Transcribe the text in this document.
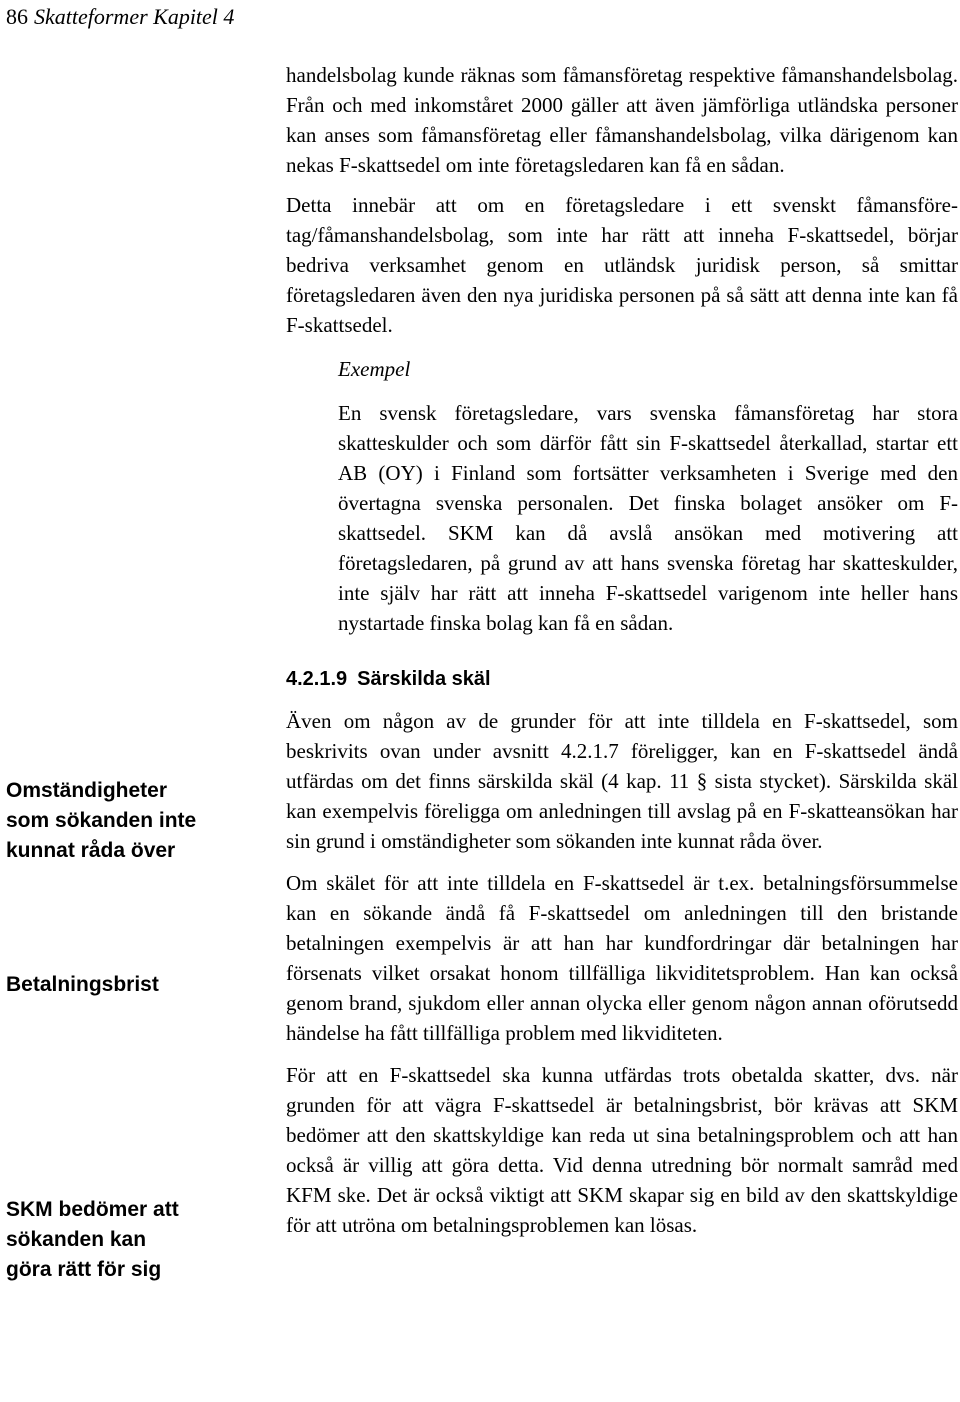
86 Skatteformer Kapitel 4
Omständigheter
som sökanden inte
kunnat råda över
Betalningsbrist
SKM bedömer att
sökanden kan
göra rätt för sig

handelsbolag kunde räknas som fåmansföretag respektive fåmanshandelsbolag. Från och med inkomståret 2000 gäller att även jämförliga utländska personer kan anses som fåmansföretag eller fåmanshandelsbolag, vilka därigenom kan nekas F-skattsedel om inte företagsledaren kan få en sådan.

Detta innebär att om en företagsledare i ett svenskt fåmansföretag/fåmanshandelsbolag, som inte har rätt att inneha F-skattsedel, börjar bedriva verksamhet genom en utländsk juridisk person, så smittar företagsledaren även den nya juridiska personen på så sätt att denna inte kan få F-skattsedel.

Exempel

En svensk företagsledare, vars svenska fåmansföretag har stora skatteskulder och som därför fått sin F-skattsedel återkallad, startar ett AB (OY) i Finland som fortsätter verksamheten i Sverige med den övertagna svenska personalen. Det finska bolaget ansöker om F-skattsedel. SKM kan då avslå ansökan med motivering att företagsledaren, på grund av att hans svenska företag har skatteskulder, inte själv har rätt att inneha F-skattsedel varigenom inte heller hans nystartade finska bolag kan få en sådan.

4.2.1.9 Särskilda skäl

Även om någon av de grunder för att inte tilldela en F-skattsedel, som beskrivits ovan under avsnitt 4.2.1.7 föreligger, kan en F-skattsedel ändå utfärdas om det finns särskilda skäl (4 kap. 11 § sista stycket). Särskilda skäl kan exempelvis föreligga om anledningen till avslag på en F-skatteansökan har sin grund i omständigheter som sökanden inte kunnat råda över.

Om skälet för att inte tilldela en F-skattsedel är t.ex. betalningsförsummelse kan en sökande ändå få F-skattsedel om anledningen till den bristande betalningen exempelvis är att han har kundfordringar där betalningen har försenats vilket orsakat honom tillfälliga likviditetsproblem. Han kan också genom brand, sjukdom eller annan olycka eller genom någon annan oförutsedd händelse ha fått tillfälliga problem med likviditeten.

För att en F-skattsedel ska kunna utfärdas trots obetalda skatter, dvs. när grunden för att vägra F-skattsedel är betalningsbrist, bör krävas att SKM bedömer att den skattskyldige kan reda ut sina betalningsproblem och att han också är villig att göra detta. Vid denna utredning bör normalt samråd med KFM ske. Det är också viktigt att SKM skapar sig en bild av den skattskyldige för att utröna om betalningsproblemen kan lösas.
